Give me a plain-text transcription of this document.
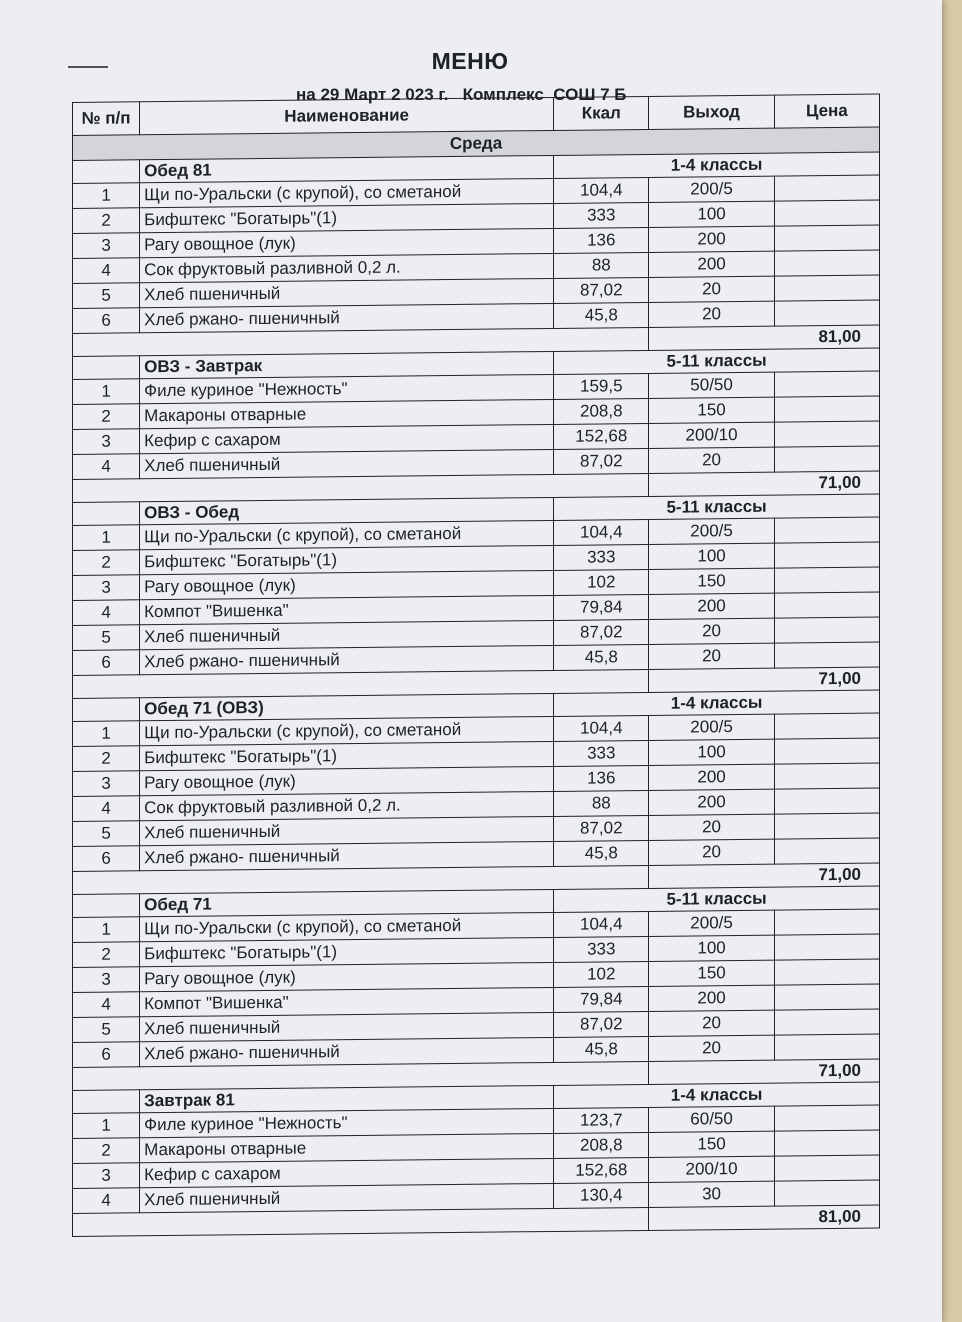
МЕНЮ
на 29 Март 2 023 г.   Комплекс  СОШ 7 Б
№ п/п	Наименование	Ккал	Выход	Цена
Среда				
	Обед 81	1-4 классы		
1	Щи по-Уральски (с крупой), со сметаной	104,4	200/5	
2	Бифштекс "Богатырь"(1)	333	100	
3	Рагу овощное (лук)	136	200	
4	Сок фруктовый разливной 0,2 л.	88	200	
5	Хлеб пшеничный	87,02	20	
6	Хлеб ржано- пшеничный	45,8	20	
			81,00	
	ОВЗ - Завтрак	5-11 классы		
1	Филе куриное "Нежность"	159,5	50/50	
2	Макароны отварные	208,8	150	
3	Кефир с сахаром	152,68	200/10	
4	Хлеб пшеничный	87,02	20	
			71,00	
	ОВЗ - Обед	5-11 классы		
1	Щи по-Уральски (с крупой), со сметаной	104,4	200/5	
2	Бифштекс "Богатырь"(1)	333	100	
3	Рагу овощное (лук)	102	150	
4	Компот "Вишенка"	79,84	200	
5	Хлеб пшеничный	87,02	20	
6	Хлеб ржано- пшеничный	45,8	20	
			71,00	
	Обед 71 (ОВЗ)	1-4 классы		
1	Щи по-Уральски (с крупой), со сметаной	104,4	200/5	
2	Бифштекс "Богатырь"(1)	333	100	
3	Рагу овощное (лук)	136	200	
4	Сок фруктовый разливной 0,2 л.	88	200	
5	Хлеб пшеничный	87,02	20	
6	Хлеб ржано- пшеничный	45,8	20	
			71,00	
	Обед 71	5-11 классы		
1	Щи по-Уральски (с крупой), со сметаной	104,4	200/5	
2	Бифштекс "Богатырь"(1)	333	100	
3	Рагу овощное (лук)	102	150	
4	Компот "Вишенка"	79,84	200	
5	Хлеб пшеничный	87,02	20	
6	Хлеб ржано- пшеничный	45,8	20	
			71,00	
	Завтрак 81	1-4 классы		
1	Филе куриное "Нежность"	123,7	60/50	
2	Макароны отварные	208,8	150	
3	Кефир с сахаром	152,68	200/10	
4	Хлеб пшеничный	130,4	30	
			81,00	
